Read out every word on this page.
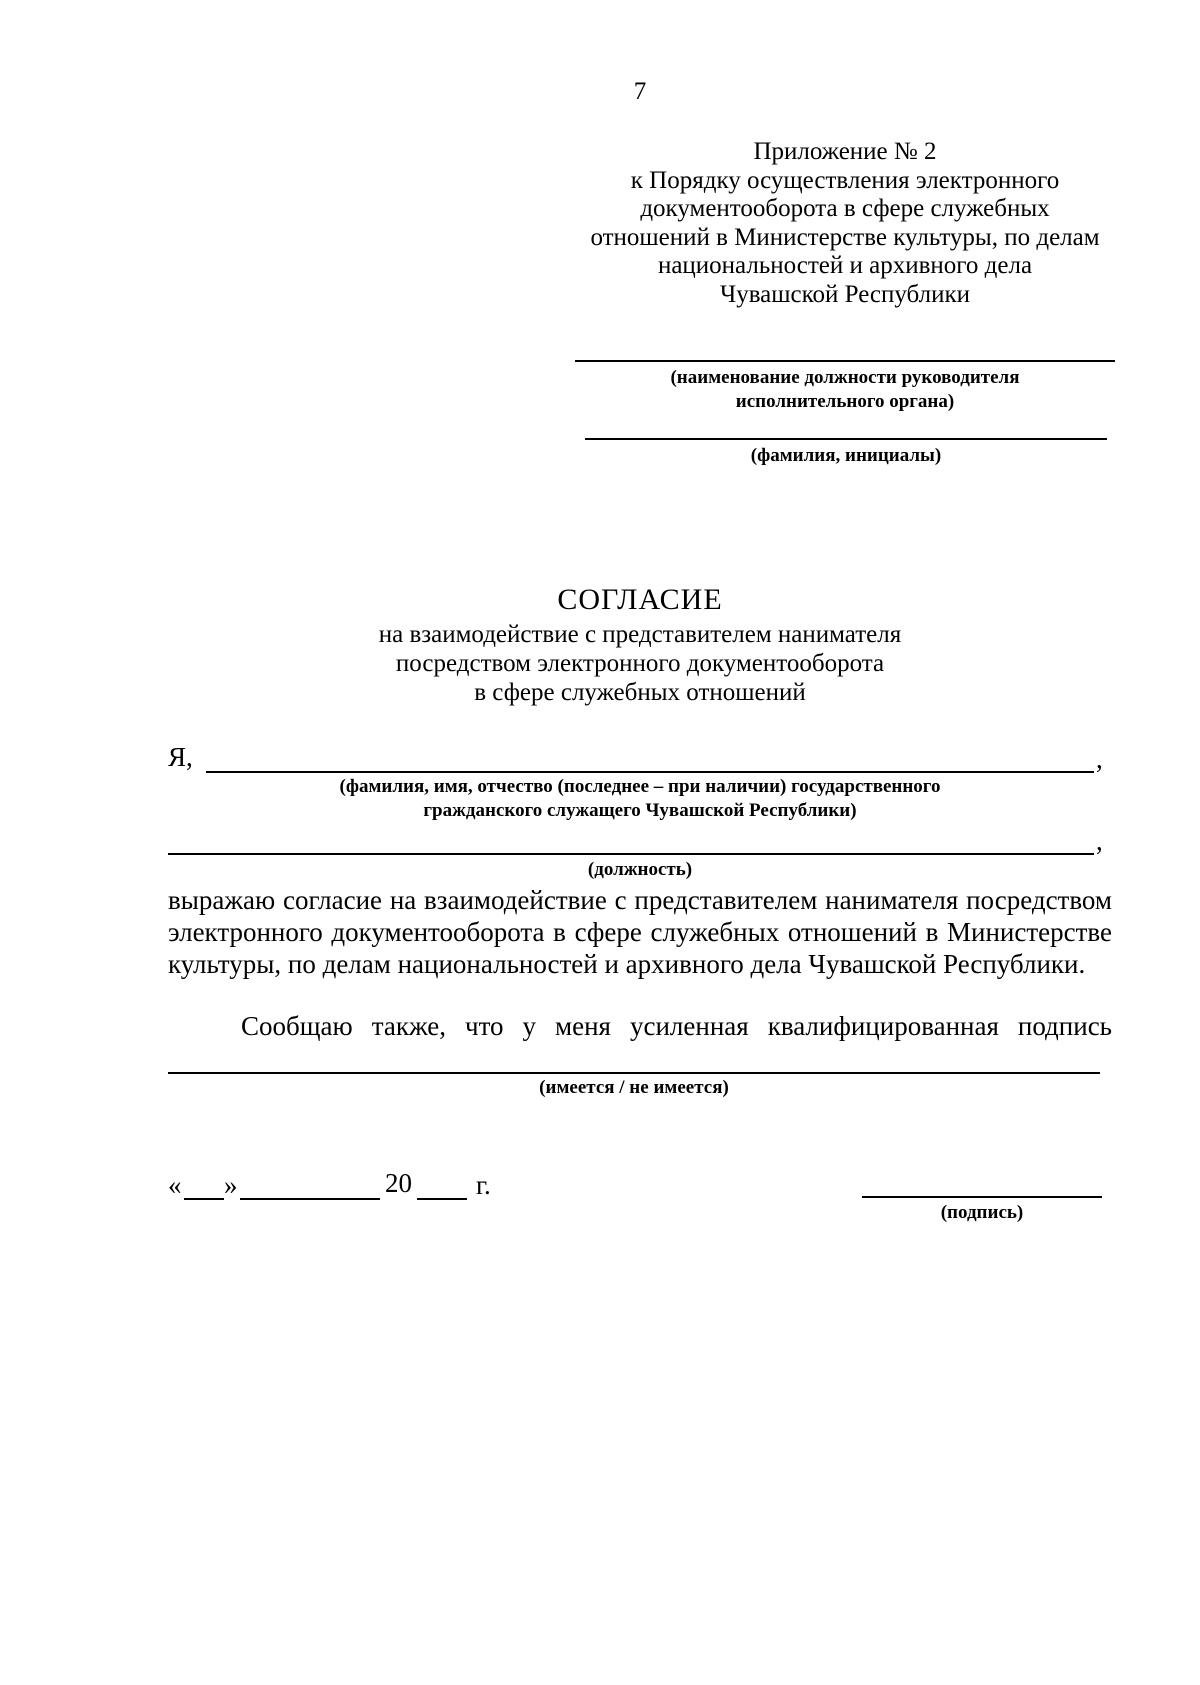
7
Приложение № 2
к Порядку осуществления электронного
документооборота в сфере служебных
отношений в Министерстве культуры, по делам
национальностей и архивного дела
Чувашской Республики
(наименование должности руководителя
исполнительного органа)
(фамилия, инициалы)
СОГЛАСИЕ
на взаимодействие с представителем нанимателя
посредством электронного документооборота
в сфере служебных отношений
Я,	,
(фамилия, имя, отчество (последнее – при наличии) государственного
гражданского служащего Чувашской Республики)
,
(должность)
выражаю согласие на взаимодействие с представителем нанимателя посредством электронного документооборота в сфере служебных отношений в Министерстве культуры, по делам национальностей и архивного дела Чувашской Республики.
Сообщаю также, что у меня усиленная квалифицированная подпись
(имеется / не имеется)
« »	20 г.
(подпись)
